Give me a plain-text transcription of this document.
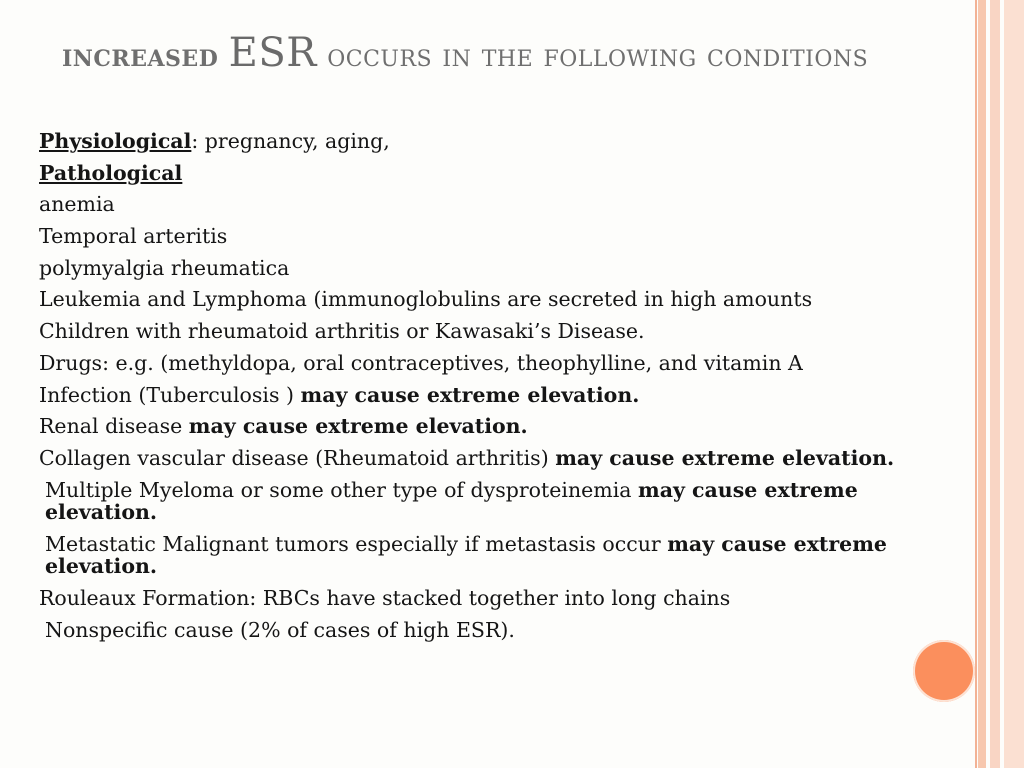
increased ESR occurs in the following conditions
Physiological: pregnancy, aging,
Pathological
anemia
Temporal arteritis
polymyalgia rheumatica
Leukemia and Lymphoma (immunoglobulins are secreted in high amounts
Children with rheumatoid arthritis or Kawasaki’s Disease.
Drugs: e.g. (methyldopa, oral contraceptives, theophylline, and vitamin A
Infection (Tuberculosis ) may cause extreme elevation.
Renal disease may cause extreme elevation.
Collagen vascular disease (Rheumatoid arthritis) may cause extreme elevation.
Multiple Myeloma or some other type of dysproteinemia may cause extreme elevation.
Metastatic Malignant tumors especially if metastasis occur may cause extreme elevation.
Rouleaux Formation: RBCs have stacked together into long chains
Nonspecific cause (2% of cases of high ESR).
